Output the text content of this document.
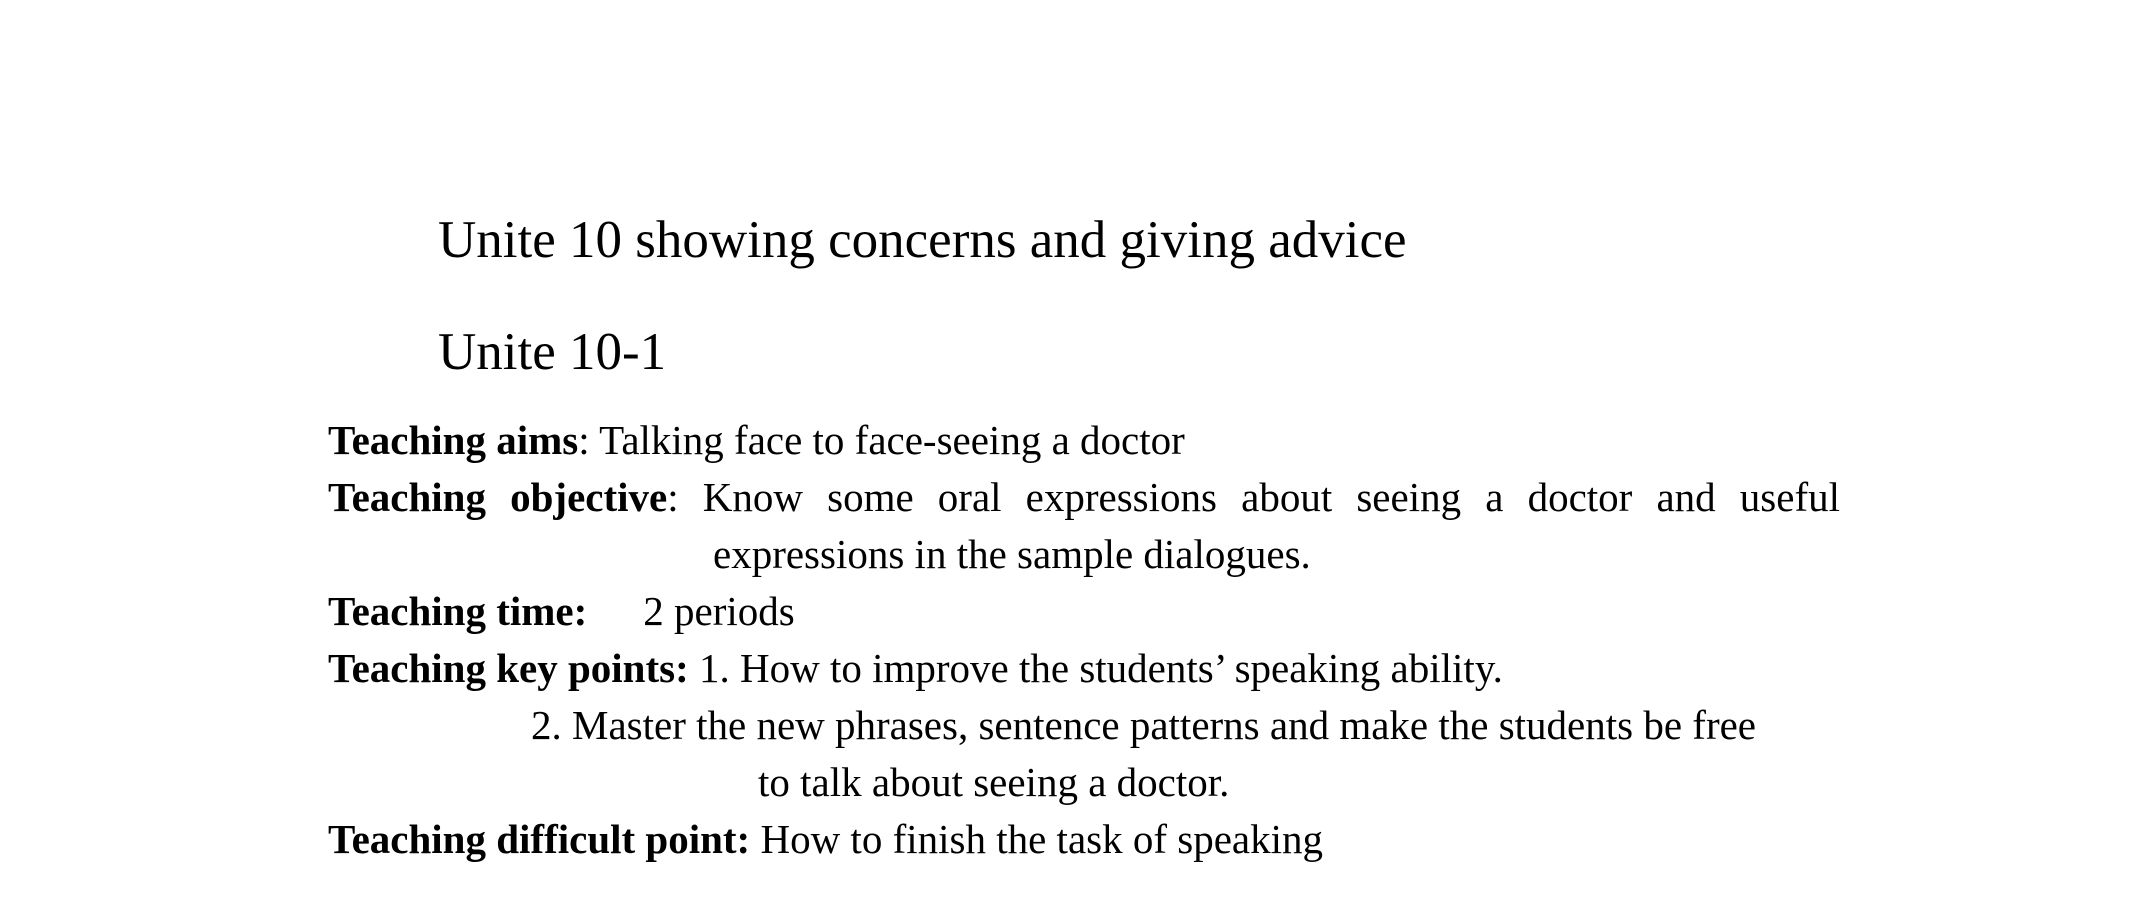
Unite 10 showing concerns and giving advice
Unite 10-1
Teaching aims: Talking face to face-seeing a doctor
Teaching objective: Know some oral expressions about seeing a doctor and useful
expressions in the sample dialogues.
Teaching time: 2 periods
Teaching key points: 1. How to improve the students’ speaking ability.
2. Master the new phrases, sentence patterns and make the students be free
to talk about seeing a doctor.
Teaching difficult point: How to finish the task of speaking
